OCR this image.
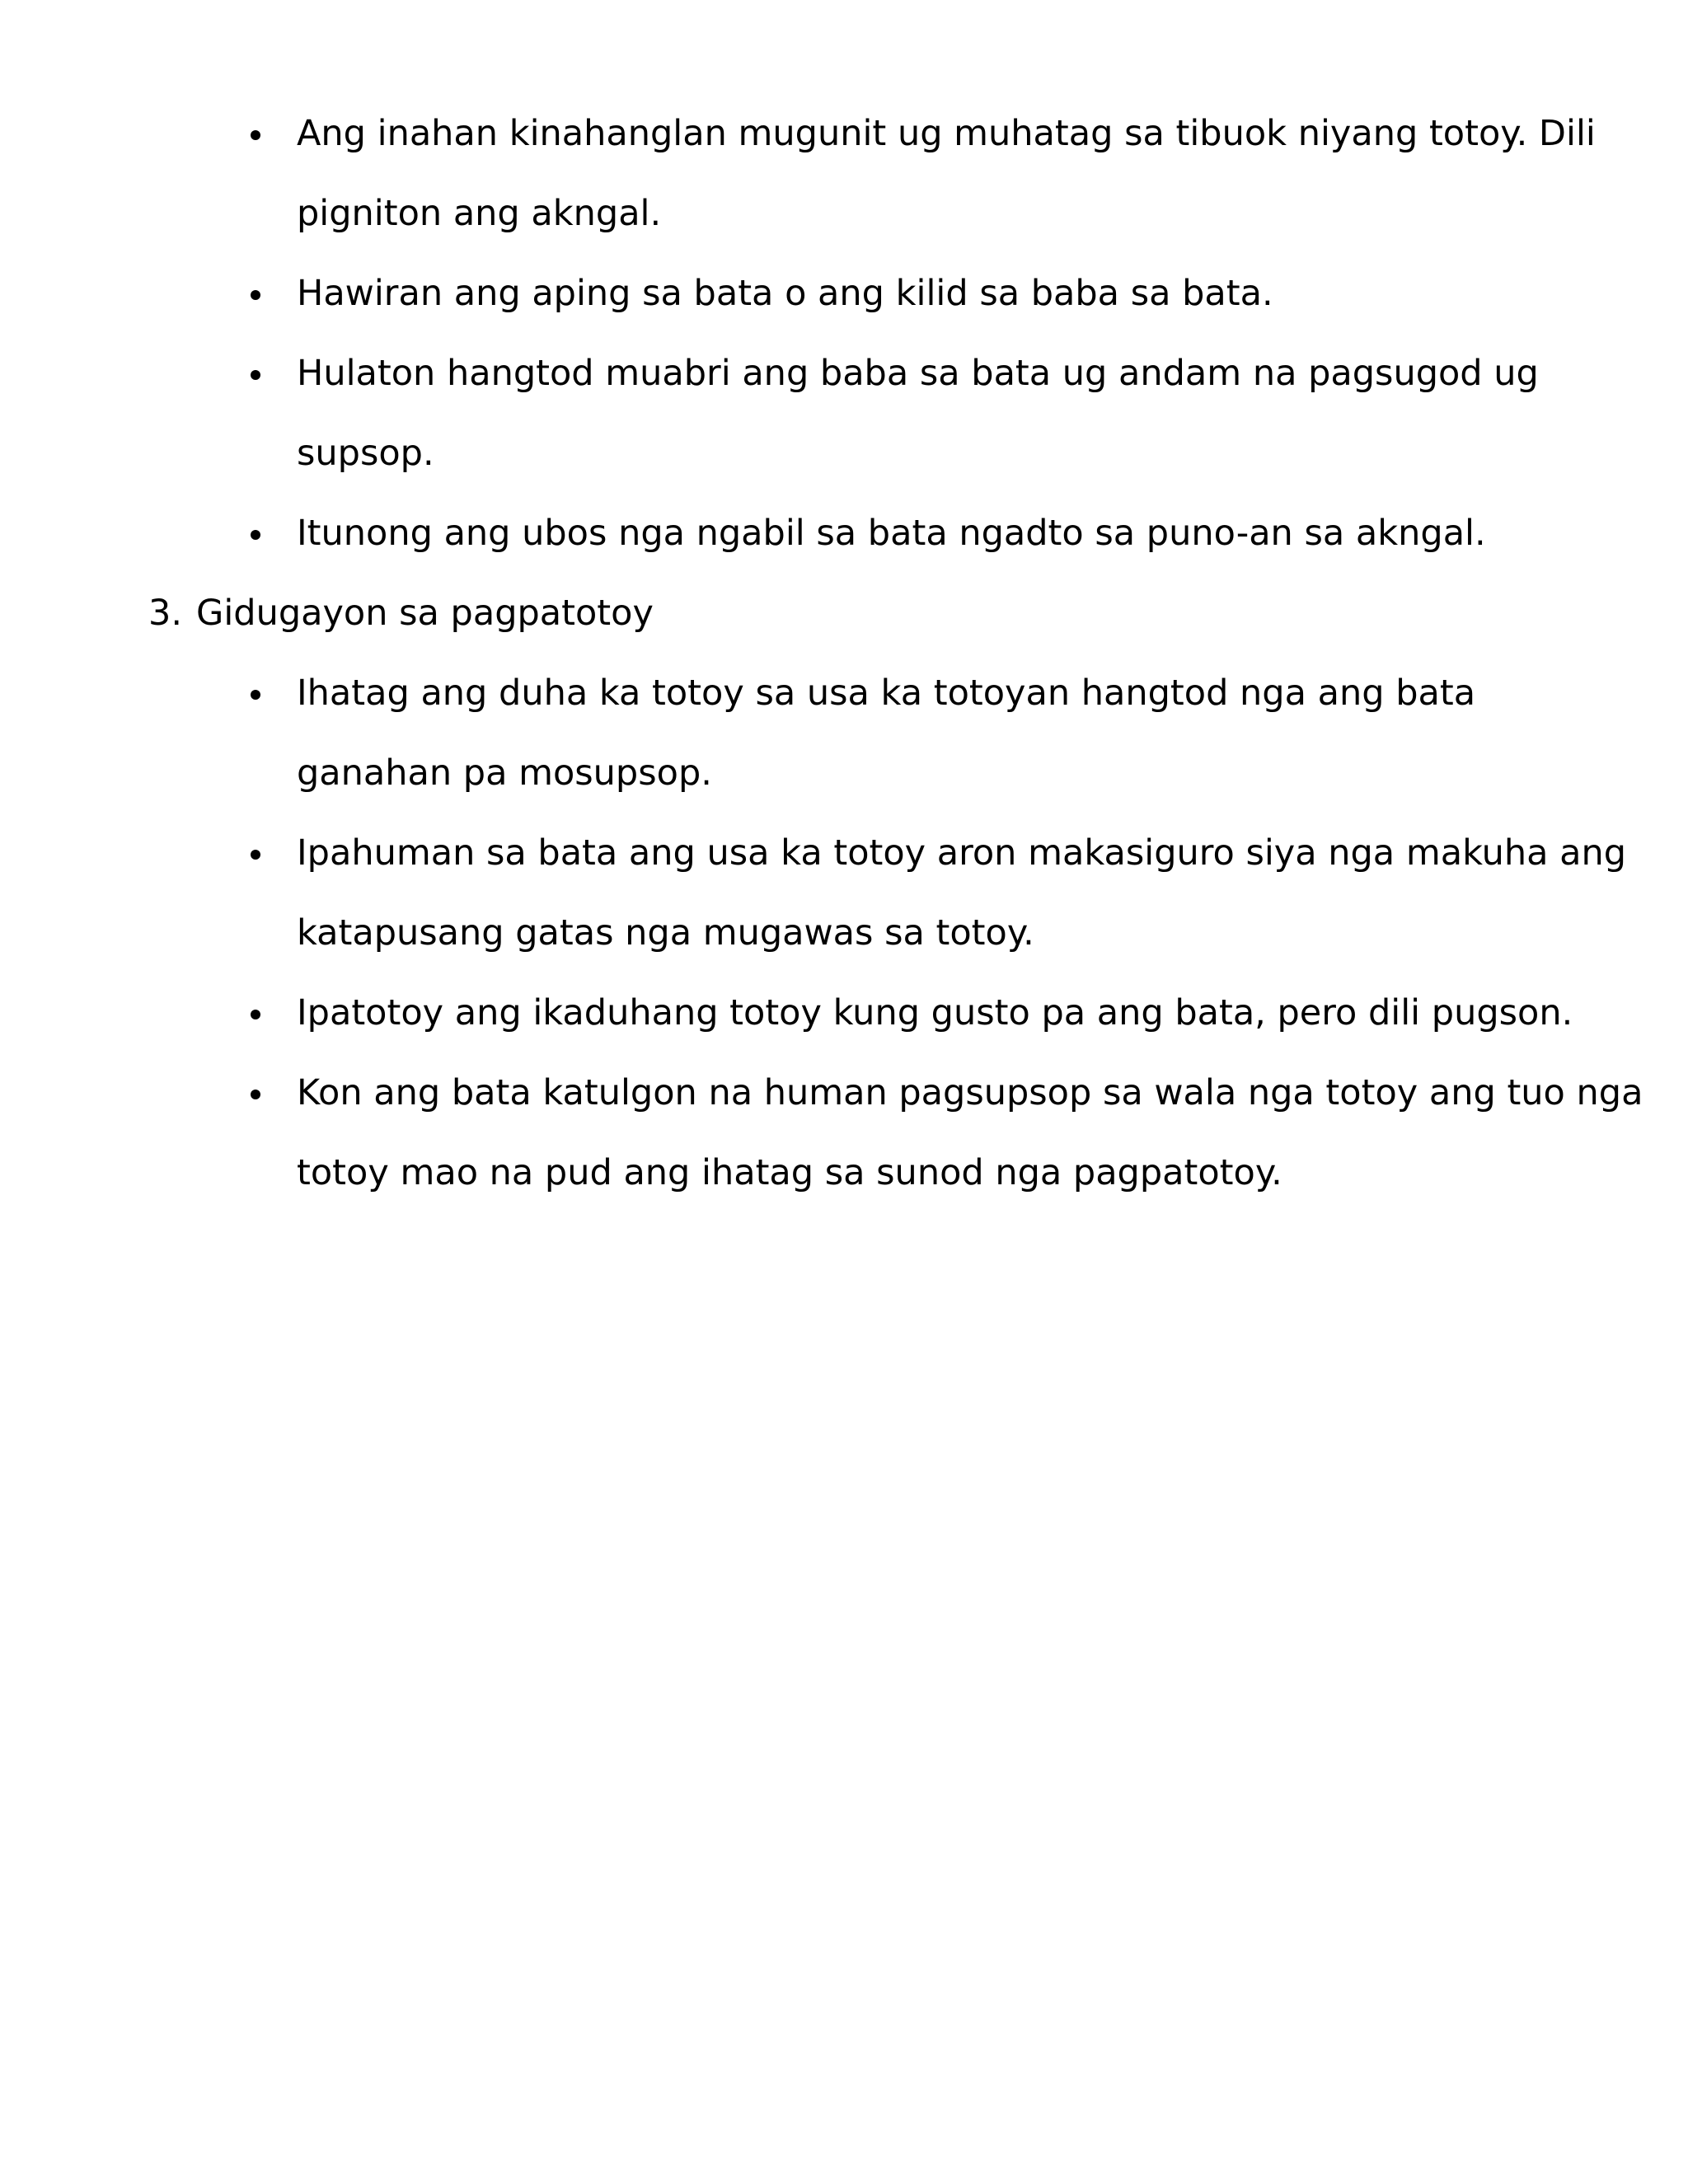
Ang inahan kinahanglan mugunit ug muhatag sa tibuok niyang totoy. Dili
pigniton ang akngal.
Hawiran ang aping sa bata o ang kilid sa baba sa bata.
Hulaton hangtod muabri ang baba sa bata ug andam na pagsugod ug
supsop.
Itunong ang ubos nga ngabil sa bata ngadto sa puno-an sa akngal.
3. Gidugayon sa pagpatotoy
Ihatag ang duha ka totoy sa usa ka totoyan hangtod nga ang bata
ganahan pa mosupsop.
Ipahuman sa bata ang usa ka totoy aron makasiguro siya nga makuha ang
katapusang gatas nga mugawas sa totoy.
Ipatotoy ang ikaduhang totoy kung gusto pa ang bata, pero dili pugson.
Kon ang bata katulgon na human pagsupsop sa wala nga totoy ang tuo nga
totoy mao na pud ang ihatag sa sunod nga pagpatotoy.
